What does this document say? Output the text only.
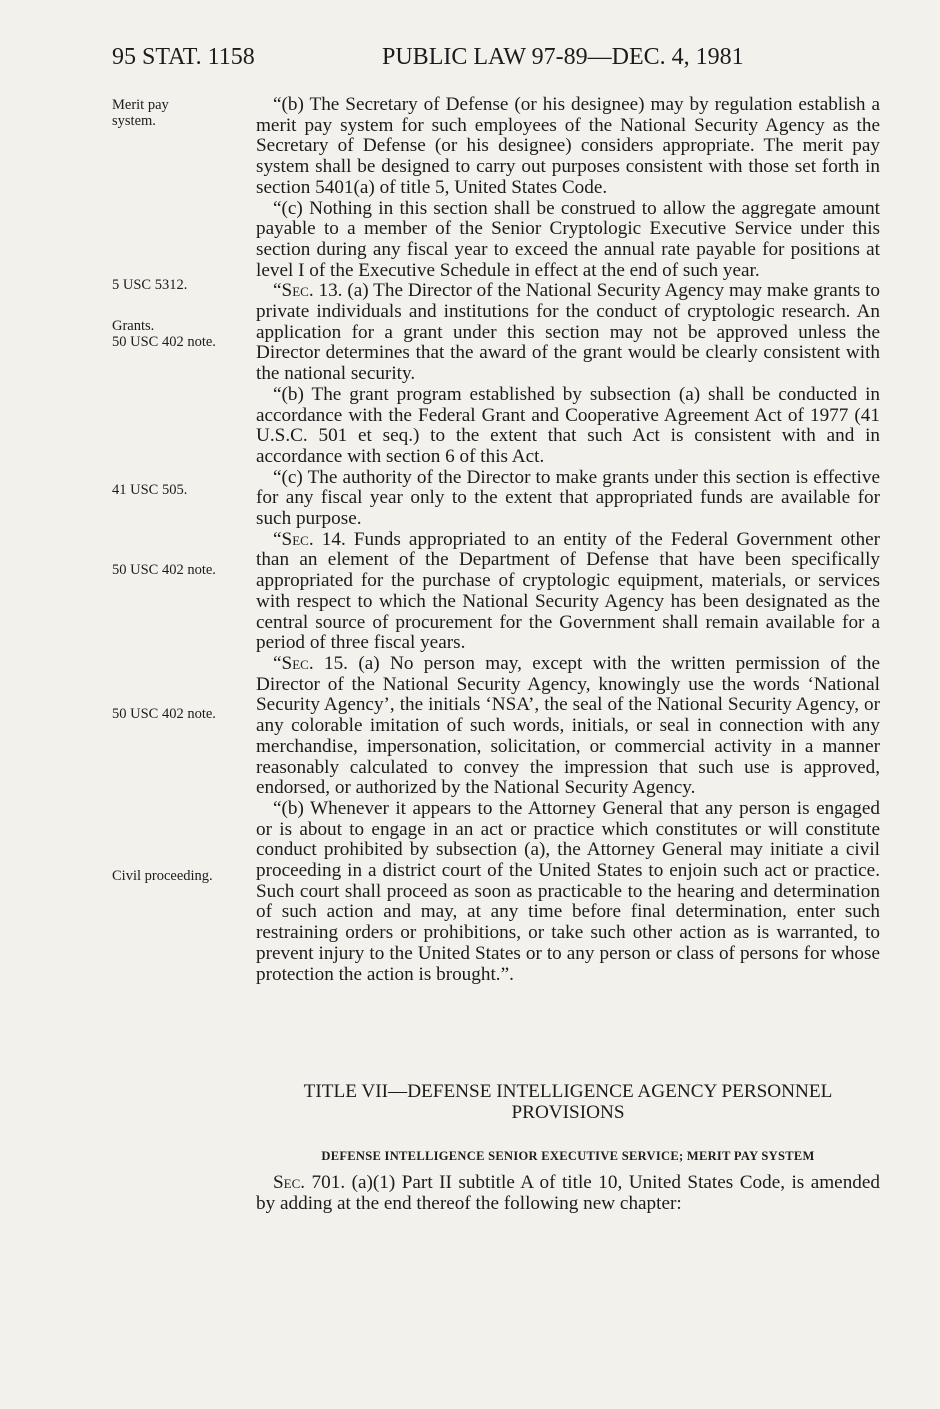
95 STAT. 1158	PUBLIC LAW 97-89—DEC. 4, 1981
Merit pay
system.
5 USC 5312.
Grants.
50 USC 402 note.
41 USC 505.
50 USC 402 note.
50 USC 402 note.
Civil proceeding.

“(b) The Secretary of Defense (or his designee) may by regulation establish a merit pay system for such employees of the National Security Agency as the Secretary of Defense (or his designee) considers appropriate. The merit pay system shall be designed to carry out purposes consistent with those set forth in section 5401(a) of title 5, United States Code.

“(c) Nothing in this section shall be construed to allow the aggregate amount payable to a member of the Senior Cryptologic Executive Service under this section during any fiscal year to exceed the annual rate payable for positions at level I of the Executive Schedule in effect at the end of such year.

“Sec. 13. (a) The Director of the National Security Agency may make grants to private individuals and institutions for the conduct of cryptologic research. An application for a grant under this section may not be approved unless the Director determines that the award of the grant would be clearly consistent with the national security.

“(b) The grant program established by subsection (a) shall be conducted in accordance with the Federal Grant and Cooperative Agreement Act of 1977 (41 U.S.C. 501 et seq.) to the extent that such Act is consistent with and in accordance with section 6 of this Act.

“(c) The authority of the Director to make grants under this section is effective for any fiscal year only to the extent that appropriated funds are available for such purpose.

“Sec. 14. Funds appropriated to an entity of the Federal Government other than an element of the Department of Defense that have been specifically appropriated for the purchase of cryptologic equipment, materials, or services with respect to which the National Security Agency has been designated as the central source of procurement for the Government shall remain available for a period of three fiscal years.

“Sec. 15. (a) No person may, except with the written permission of the Director of the National Security Agency, knowingly use the words ‘National Security Agency’, the initials ‘NSA’, the seal of the National Security Agency, or any colorable imitation of such words, initials, or seal in connection with any merchandise, impersonation, solicitation, or commercial activity in a manner reasonably calculated to convey the impression that such use is approved, endorsed, or authorized by the National Security Agency.

“(b) Whenever it appears to the Attorney General that any person is engaged or is about to engage in an act or practice which constitutes or will constitute conduct prohibited by subsection (a), the Attorney General may initiate a civil proceeding in a district court of the United States to enjoin such act or practice. Such court shall proceed as soon as practicable to the hearing and determination of such action and may, at any time before final determination, enter such restraining orders or prohibitions, or take such other action as is warranted, to prevent injury to the United States or to any person or class of persons for whose protection the action is brought.”.

TITLE VII—DEFENSE INTELLIGENCE AGENCY PERSONNEL
PROVISIONS
DEFENSE INTELLIGENCE SENIOR EXECUTIVE SERVICE; MERIT PAY SYSTEM

Sec. 701. (a)(1) Part II subtitle A of title 10, United States Code, is amended by adding at the end thereof the following new chapter:
